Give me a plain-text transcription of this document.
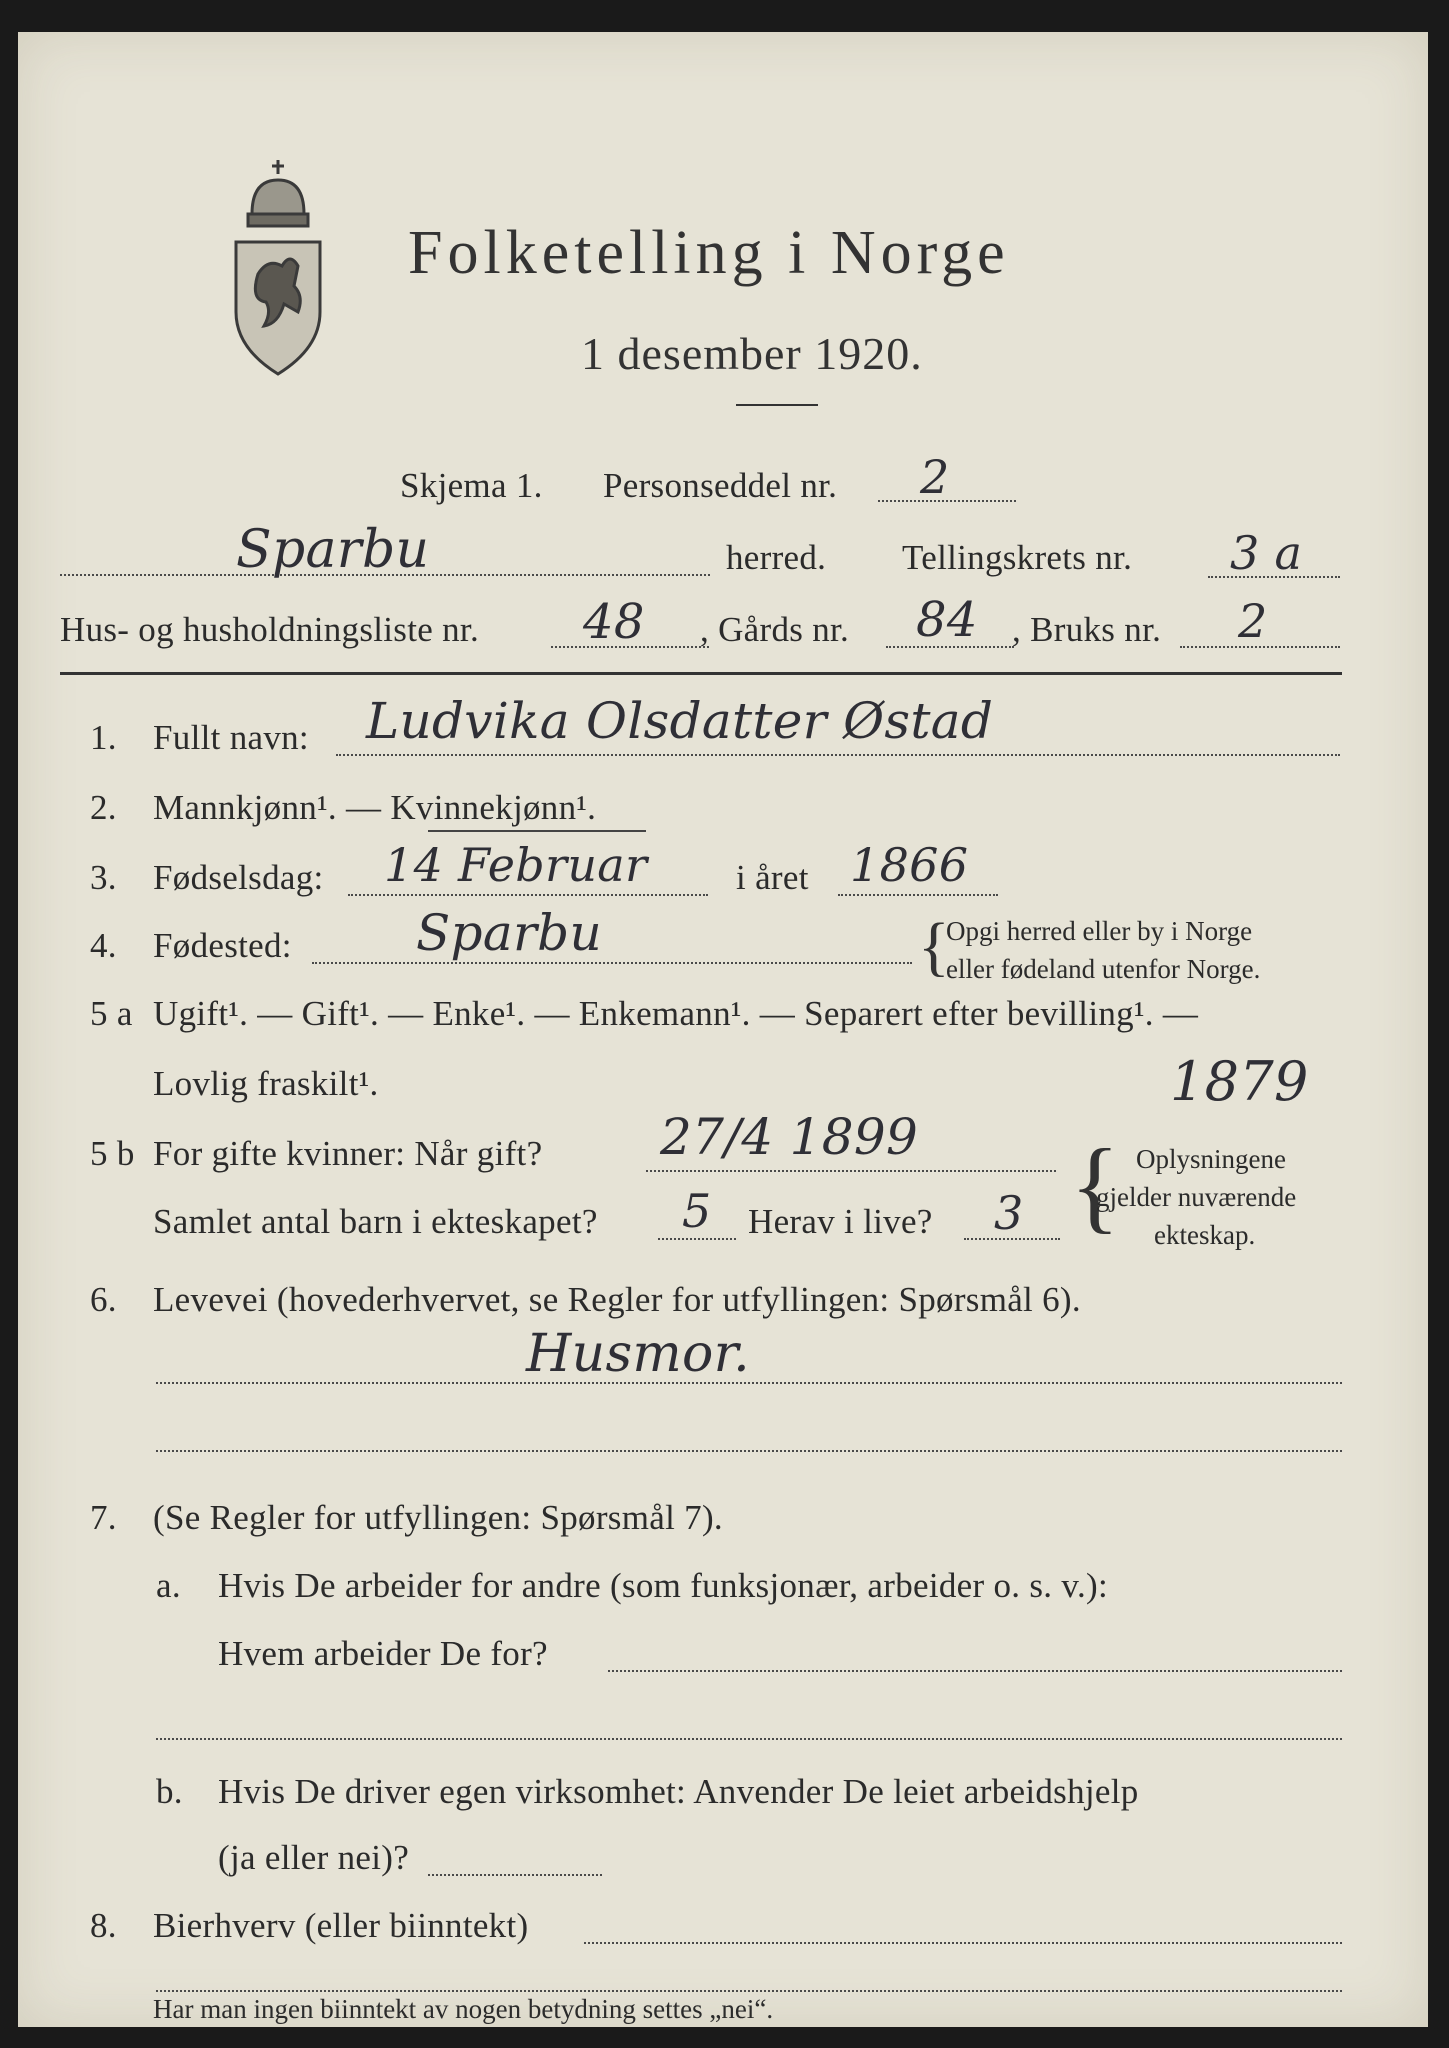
Folketelling i Norge
1 desember 1920.
Skjema 1. Personseddel nr. 2
Sparbu	herred. Tellingskrets nr. 3 a
Hus- og husholdningsliste nr. 48 , Gårds nr. 84 , Bruks nr. 2
1. Fullt navn: Ludvika Olsdatter Østad
2. Mannkjønn¹. — Kvinnekjønn¹.
3. Fødselsdag: 14 Februar	i året 1866
4. Fødested: Sparbu	{
Opgi herred eller by i Norge
eller fødeland utenfor Norge.
5 a Ugift¹. — Gift¹. — Enke¹. — Enkemann¹. — Separert efter bevilling¹. —
Lovlig fraskilt¹.	1879
5 b For gifte kvinner: Når gift? 27/4 1899
Samlet antal barn i ekteskapet? 5 Herav i live? 3 { Oplysningene
gjelder nuværende
ekteskap.
6. Levevei (hovederhvervet, se Regler for utfyllingen: Spørsmål 6).
Husmor.
7. (Se Regler for utfyllingen: Spørsmål 7).
a. Hvis De arbeider for andre (som funksjonær, arbeider o. s. v.):
Hvem arbeider De for?
b. Hvis De driver egen virksomhet: Anvender De leiet arbeidshjelp
(ja eller nei)?
8. Bierhverv (eller biinntekt)
Har man ingen biinntekt av nogen betydning settes „nei“.
